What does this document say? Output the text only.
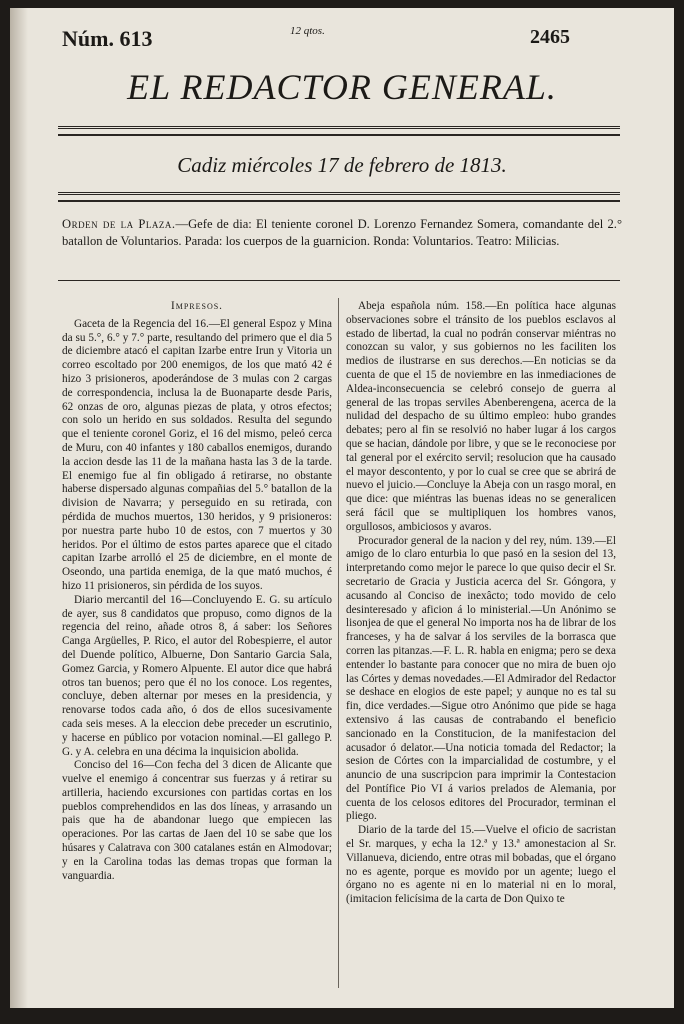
Núm. 613	12 qtos.	2465
EL REDACTOR GENERAL.
Cadiz miércoles 17 de febrero de 1813.
Orden de la Plaza.—Gefe de dia: El teniente coronel D. Lorenzo Fernandez Somera, comandante del 2.° batallon de Voluntarios. Parada: los cuerpos de la guarnicion. Ronda: Voluntarios. Teatro: Milicias.
Impresos.

Gaceta de la Regencia del 16.—El general Espoz y Mina da su 5.°, 6.° y 7.° parte, resultando del primero que el dia 5 de diciembre atacó el capitan Izarbe entre Irun y Vitoria un correo escoltado por 200 enemigos, de los que mató 42 é hizo 3 prisioneros, apoderándose de 3 mulas con 2 cargas de correspondencia, inclusa la de Buonaparte desde Paris, 62 onzas de oro, algunas piezas de plata, y otros efectos; con solo un herido en sus soldados. Resulta del segundo que el teniente coronel Goriz, el 16 del mismo, peleó cerca de Muru, con 40 infantes y 180 caballos enemigos, durando la accion desde las 11 de la mañana hasta las 3 de la tarde. El enemigo fue al fin obligado á retirarse, no obstante haberse dispersado algunas compañias del 5.° batallon de la division de Navarra; y perseguido en su retirada, con pérdida de muchos muertos, 130 heridos, y 9 prisioneros: por nuestra parte hubo 10 de estos, con 7 muertos y 30 heridos. Por el último de estos partes aparece que el citado capitan Izarbe arrolló el 25 de diciembre, en el monte de Oseondo, una partida enemiga, de la que mató muchos, é hizo 11 prisioneros, sin pérdida de los suyos.

Diario mercantil del 16—Concluyendo E. G. su artículo de ayer, sus 8 candidatos que propuso, como dignos de la regencia del reino, añade otros 8, á saber: los Señores Canga Argüelles, P. Rico, el autor del Robespierre, el autor del Duende político, Albuerne, Don Santario Garcia Sala, Gomez Garcia, y Romero Alpuente. El autor dice que habrá otros tan buenos; pero que él no los conoce. Los regentes, concluye, deben alternar por meses en la presidencia, y renovarse todos cada año, ó dos de ellos sucesivamente cada seis meses. A la eleccion debe preceder un escrutinio, y hacerse en público por votacion nominal.—El gallego P. G. y A. celebra en una décima la inquisicion abolida.

Conciso del 16—Con fecha del 3 dicen de Alicante que vuelve el enemigo á concentrar sus fuerzas y á retirar su artilleria, haciendo excursiones con partidas cortas en los pueblos comprehendidos en las dos líneas, y arrasando un pais que ha de abandonar luego que empiecen las operaciones. Por las cartas de Jaen del 10 se sabe que los húsares y Calatrava con 300 catalanes están en Almodovar; y en la Carolina todas las demas tropas que forman la vanguardia.

Abeja española núm. 158.—En política hace algunas observaciones sobre el tránsito de los pueblos esclavos al estado de libertad, la cual no podrán conservar miéntras no conozcan su valor, y sus gobiernos no les faciliten los medios de ilustrarse en sus derechos.—En noticias se da cuenta de que el 15 de noviembre en las inmediaciones de Aldea-inconsecuencia se celebró consejo de guerra al general de las tropas serviles Abenberengena, acerca de la nulidad del despacho de su último empleo: hubo grandes debates; pero al fin se resolvió no haber lugar á los cargos que se hacian, dándole por libre, y que se le reconociese por tal general por el exército servil; resolucion que ha causado el mayor descontento, y por lo cual se cree que se abrirá de nuevo el juicio.—Concluye la Abeja con un rasgo moral, en que dice: que miéntras las buenas ideas no se generalicen será fácil que se multipliquen los hombres vanos, orgullosos, ambiciosos y avaros.

Procurador general de la nacion y del rey, núm. 139.—El amigo de lo claro enturbia lo que pasó en la sesion del 13, interpretando como mejor le parece lo que quiso decir el Sr. secretario de Gracia y Justicia acerca del Sr. Góngora, y acusando al Conciso de inexâcto; todo movido de celo desinteresado y aficion á lo ministerial.—Un Anónimo se lisonjea de que el general No importa nos ha de librar de los franceses, y ha de salvar á los serviles de la borrasca que corren las pitanzas.—F. L. R. habla en enigma; pero se dexa entender lo bastante para conocer que no mira de buen ojo las Córtes y demas novedades.—El Admirador del Redactor se deshace en elogios de este papel; y aunque no es tal su fin, dice verdades.—Sigue otro Anónimo que pide se haga extensivo á las causas de contrabando el beneficio sancionado en la Constitucion, de la manifestacion del acusador ó delator.—Una noticia tomada del Redactor; la sesion de Córtes con la imparcialidad de costumbre, y el anuncio de una suscripcion para imprimir la Contestacion del Pontífice Pio VI á varios prelados de Alemania, por cuenta de los celosos editores del Procurador, terminan el pliego.

Diario de la tarde del 15.—Vuelve el oficio de sacristan el Sr. marques, y echa la 12.ª y 13.ª amonestacion al Sr. Villanueva, diciendo, entre otras mil bobadas, que el órgano no es agente, porque es movido por un agente; luego el órgano no es agente ni en lo material ni en lo moral, (imitacion felicísima de la carta de Don Quixo te
